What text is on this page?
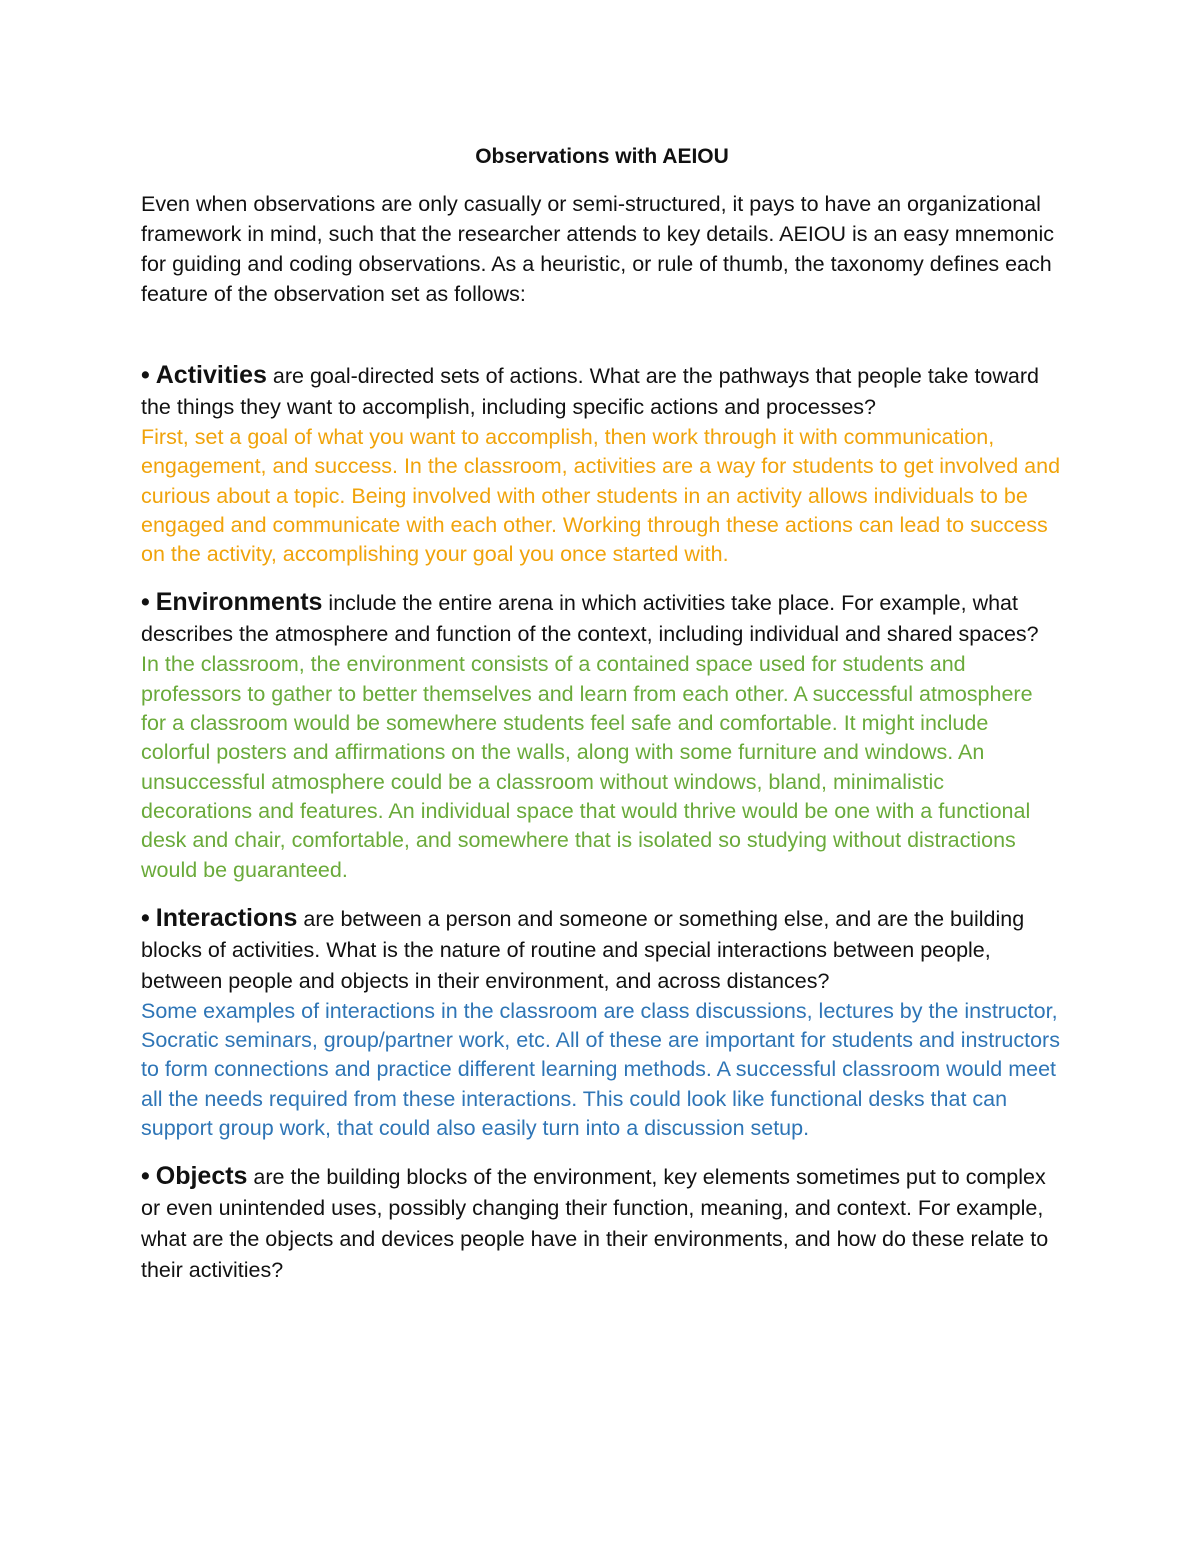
Observations with AEIOU

Even when observations are only casually or semi-structured, it pays to have an organizational framework in mind, such that the researcher attends to key details. AEIOU is an easy mnemonic for guiding and coding observations. As a heuristic, or rule of thumb, the taxonomy defines each feature of the observation set as follows:

• Activities are goal-directed sets of actions. What are the pathways that people take toward the things they want to accomplish, including specific actions and processes?

First, set a goal of what you want to accomplish, then work through it with communication, engagement, and success. In the classroom, activities are a way for students to get involved and curious about a topic. Being involved with other students in an activity allows individuals to be engaged and communicate with each other. Working through these actions can lead to success on the activity, accomplishing your goal you once started with.

• Environments include the entire arena in which activities take place. For example, what describes the atmosphere and function of the context, including individual and shared spaces?

In the classroom, the environment consists of a contained space used for students and professors to gather to better themselves and learn from each other. A successful atmosphere for a classroom would be somewhere students feel safe and comfortable. It might include colorful posters and affirmations on the walls, along with some furniture and windows. An unsuccessful atmosphere could be a classroom without windows, bland, minimalistic decorations and features. An individual space that would thrive would be one with a functional desk and chair, comfortable, and somewhere that is isolated so studying without distractions would be guaranteed.

• Interactions are between a person and someone or something else, and are the building blocks of activities. What is the nature of routine and special interactions between people, between people and objects in their environment, and across distances?

Some examples of interactions in the classroom are class discussions, lectures by the instructor, Socratic seminars, group/partner work, etc. All of these are important for students and instructors to form connections and practice different learning methods. A successful classroom would meet all the needs required from these interactions. This could look like functional desks that can support group work, that could also easily turn into a discussion setup.

• Objects are the building blocks of the environment, key elements sometimes put to complex or even unintended uses, possibly changing their function, meaning, and context. For example, what are the objects and devices people have in their environments, and how do these relate to their activities?
